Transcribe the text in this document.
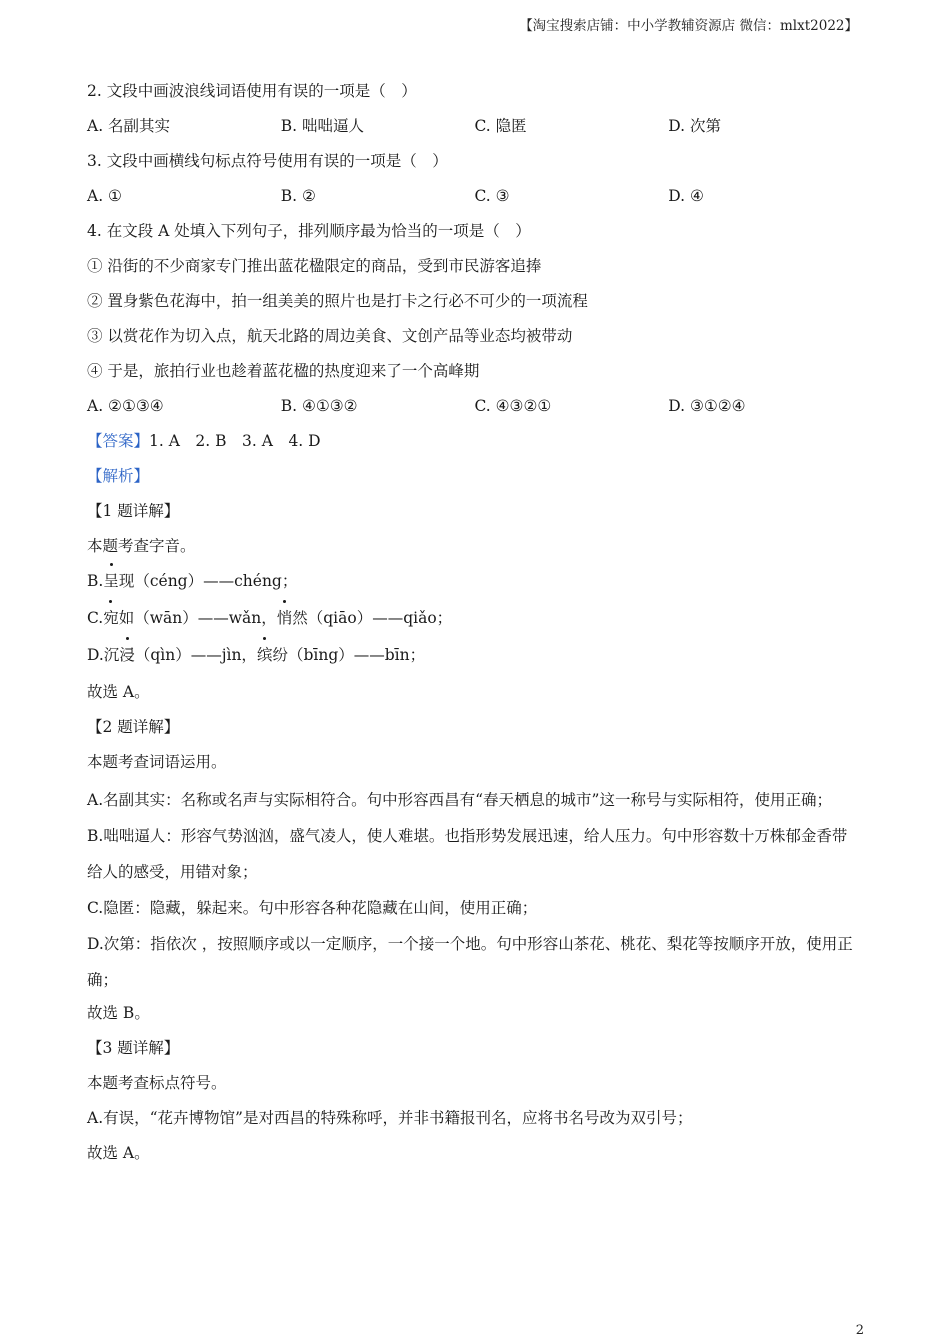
【淘宝搜索店铺：中小学教辅资源店 微信：mlxt2022】
2. 文段中画波浪线词语使用有误的一项是（　）
A. 名副其实	B. 咄咄逼人	C. 隐匿	D. 次第
3. 文段中画横线句标点符号使用有误的一项是（　）
A. ①	B. ②	C. ③	D. ④
4. 在文段 A 处填入下列句子，排列顺序最为恰当的一项是（　）
① 沿街的不少商家专门推出蓝花楹限定的商品，受到市民游客追捧
② 置身紫色花海中，拍一组美美的照片也是打卡之行必不可少的一项流程
③ 以赏花作为切入点，航天北路的周边美食、文创产品等业态均被带动
④ 于是，旅拍行业也趁着蓝花楹的热度迎来了一个高峰期
A. ②①③④	B. ④①③②	C. ④③②①	D. ③①②④
【答案】1. A　2. B　3. A　4. D
【解析】
【1 题详解】
本题考查字音。
B.呈现（céng）——chéng；
C.宛如（wān）——wǎn，悄然（qiāo）——qiǎo；
D.沉浸（qìn）——jìn，缤纷（bīng）——bīn；
故选 A。
【2 题详解】
本题考查词语运用。
A.名副其实：名称或名声与实际相符合。句中形容西昌有“春天栖息的城市”这一称号与实际相符，使用正确；
B.咄咄逼人：形容气势汹汹，盛气凌人，使人难堪。也指形势发展迅速，给人压力。句中形容数十万株郁金香带给人的感受，用错对象；
C.隐匿：隐藏，躲起来。句中形容各种花隐藏在山间，使用正确；
D.次第：指依次 ，按照顺序或以一定顺序，一个接一个地。句中形容山茶花、桃花、梨花等按顺序开放，使用正确；
故选 B。
【3 题详解】
本题考查标点符号。
A.有误，“花卉博物馆”是对西昌的特殊称呼，并非书籍报刊名，应将书名号改为双引号；
故选 A。
2
